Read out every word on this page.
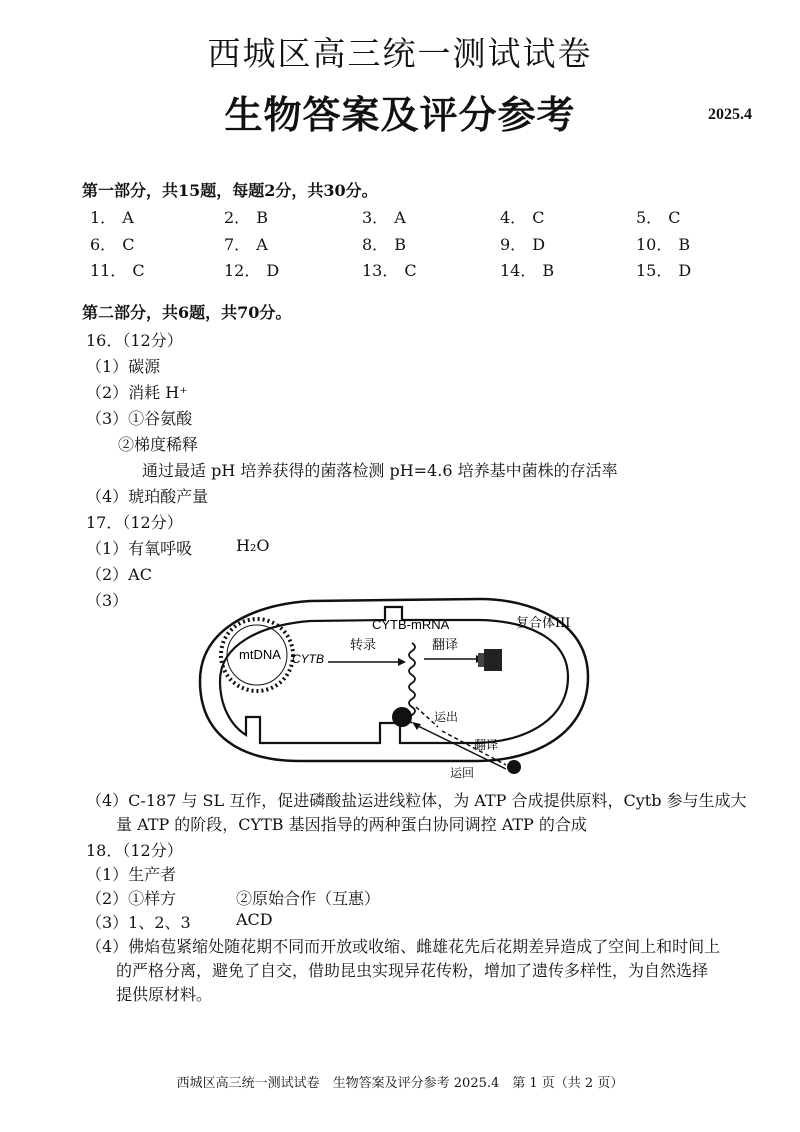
西城区高三统一测试试卷
生物答案及评分参考	2025.4
第一部分，共15题，每题2分，共30分。
1． A	2． B	3． A	4． C	5． C
6． C	7． A	8． B	9． D	10． B
11． C	12． D	13． C	14． B	15． D
第二部分，共6题，共70分。
16．（12分）
（1）碳源
（2）消耗 H⁺
（3）①谷氨酸
②梯度稀释
通过最适 pH 培养获得的菌落检测 pH=4.6 培养基中菌株的存活率
（4）琥珀酸产量
17．（12分）
（1）有氧呼吸	H₂O
（2）AC
（3）
mtDNA CYTB
转录
CYTB-mRNA
翻译
复合体III
运出
翻译
运回
（4）C-187 与 SL 互作，促进磷酸盐运进线粒体，为 ATP 合成提供原料，Cytb 参与生成大
量 ATP 的阶段，CYTB 基因指导的两种蛋白协同调控 ATP 的合成
18．（12分）
（1）生产者
（2）①样方	②原始合作（互惠）
（3）1、2、3	ACD
（4）佛焰苞紧缩处随花期不同而开放或收缩、雌雄花先后花期差异造成了空间上和时间上
的严格分离，避免了自交，借助昆虫实现异花传粉，增加了遗传多样性，为自然选择
提供原材料。
西城区高三统一测试试卷　生物答案及评分参考 2025.4　第 1 页（共 2 页）
